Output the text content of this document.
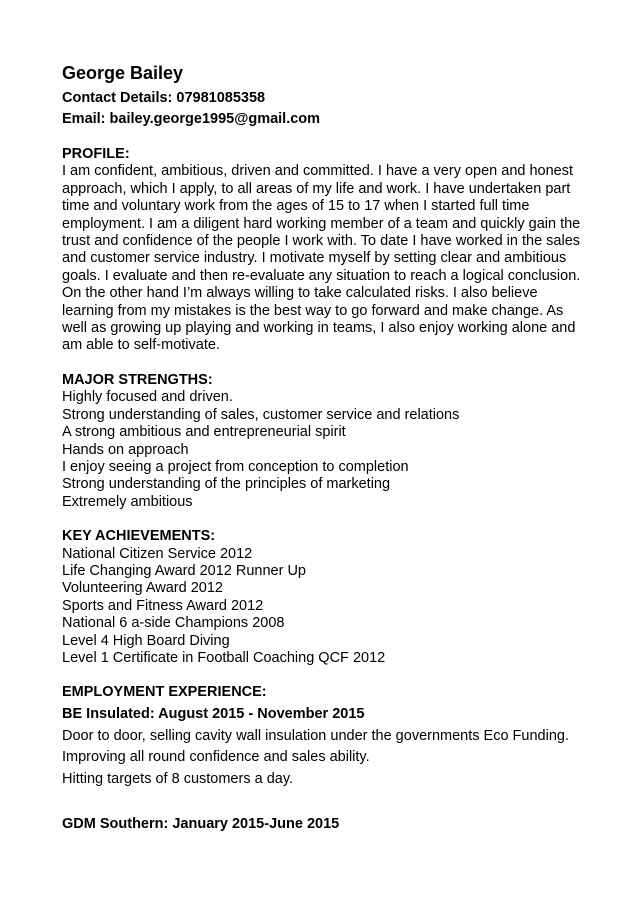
George Bailey
Contact Details: 07981085358
Email: bailey.george1995@gmail.com
PROFILE:

I am confident, ambitious, driven and committed. I have a very open and honest approach, which I apply, to all areas of my life and work. I have undertaken part time and voluntary work from the ages of 15 to 17 when I started full time employment. I am a diligent hard working member of a team and quickly gain the trust and confidence of the people I work with. To date I have worked in the sales and customer service industry. I motivate myself by setting clear and ambitious goals. I evaluate and then re-evaluate any situation to reach a logical conclusion. On the other hand I’m always willing to take calculated risks. I also believe learning from my mistakes is the best way to go forward and make change. As well as growing up playing and working in teams, I also enjoy working alone and am able to self-motivate.

MAJOR STRENGTHS:
Highly focused and driven.
Strong understanding of sales, customer service and relations
A strong ambitious and entrepreneurial spirit
Hands on approach
I enjoy seeing a project from conception to completion
Strong understanding of the principles of marketing
Extremely ambitious
KEY ACHIEVEMENTS:
National Citizen Service 2012
Life Changing Award 2012 Runner Up
Volunteering Award 2012
Sports and Fitness Award 2012
National 6 a-side Champions 2008
Level 4 High Board Diving
Level 1 Certificate in Football Coaching QCF 2012
EMPLOYMENT EXPERIENCE:
BE Insulated: August 2015 - November 2015

Door to door, selling cavity wall insulation under the governments Eco Funding.

Improving all round confidence and sales ability.

Hitting targets of 8 customers a day.

GDM Southern: January 2015-June 2015
